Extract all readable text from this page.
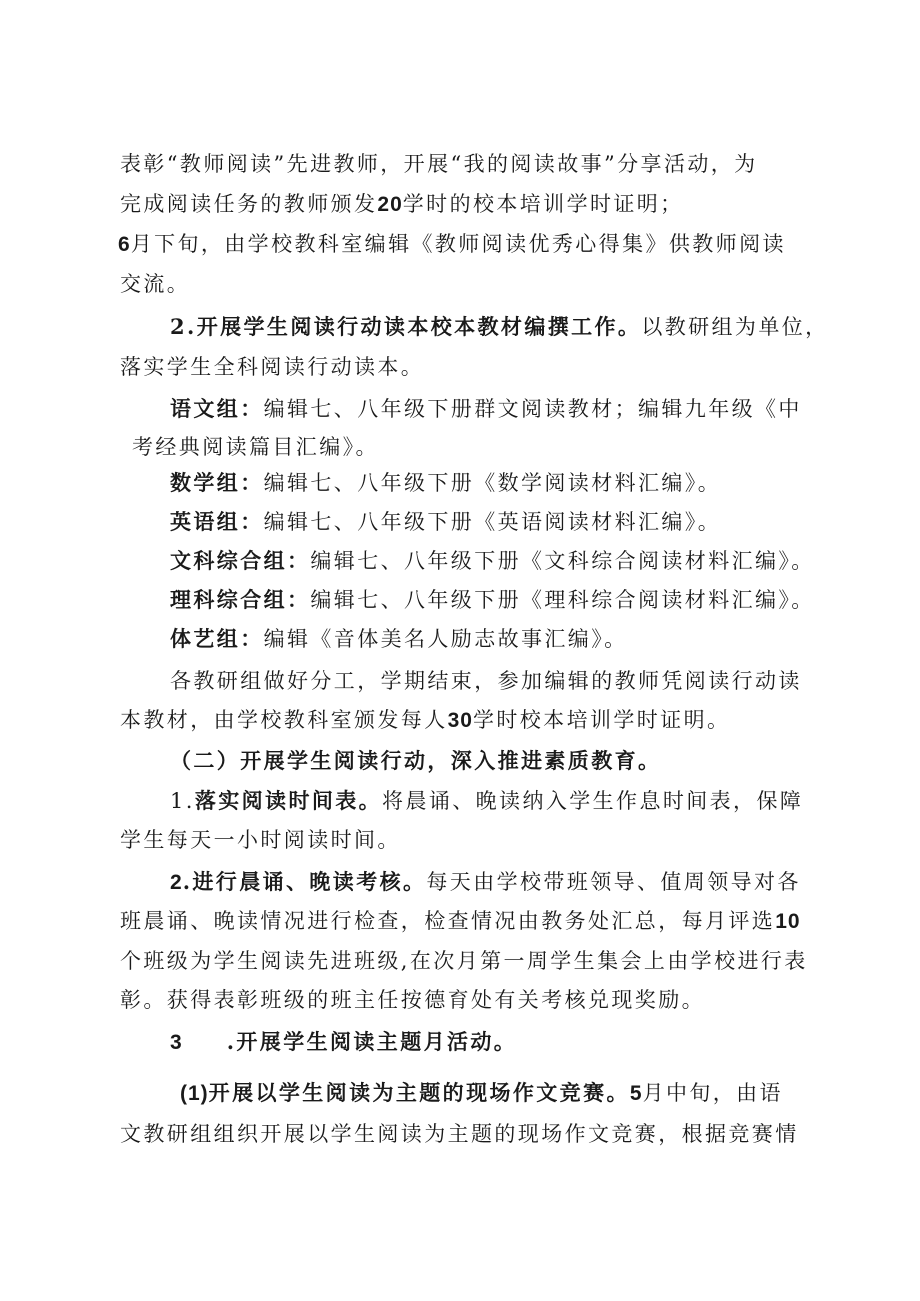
表彰“教师阅读”先进教师，开展“我的阅读故事”分享活动，为
完成阅读任务的教师颁发20学时的校本培训学时证明；
6月下旬，由学校教科室编辑《教师阅读优秀心得集》供教师阅读
交流。
2.开展学生阅读行动读本校本教材编撰工作。以教研组为单位，
落实学生全科阅读行动读本。
语文组：编辑七、八年级下册群文阅读教材；编辑九年级《中
考经典阅读篇目汇编》。
数学组：编辑七、八年级下册《数学阅读材料汇编》。
英语组：编辑七、八年级下册《英语阅读材料汇编》。
文科综合组：编辑七、八年级下册《文科综合阅读材料汇编》。
理科综合组：编辑七、八年级下册《理科综合阅读材料汇编》。
体艺组：编辑《音体美名人励志故事汇编》。
各教研组做好分工，学期结束，参加编辑的教师凭阅读行动读
本教材，由学校教科室颁发每人30学时校本培训学时证明。
（二）开展学生阅读行动，深入推进素质教育。
1.落实阅读时间表。将晨诵、晚读纳入学生作息时间表，保障
学生每天一小时阅读时间。
2.进行晨诵、晚读考核。每天由学校带班领导、值周领导对各
班晨诵、晚读情况进行检查，检查情况由教务处汇总，每月评选10
个班级为学生阅读先进班级,在次月第一周学生集会上由学校进行表
彰。获得表彰班级的班主任按德育处有关考核兑现奖励。
3 .开展学生阅读主题月活动。
(1)开展以学生阅读为主题的现场作文竞赛。5月中旬，由语
文教研组组织开展以学生阅读为主题的现场作文竞赛，根据竞赛情
